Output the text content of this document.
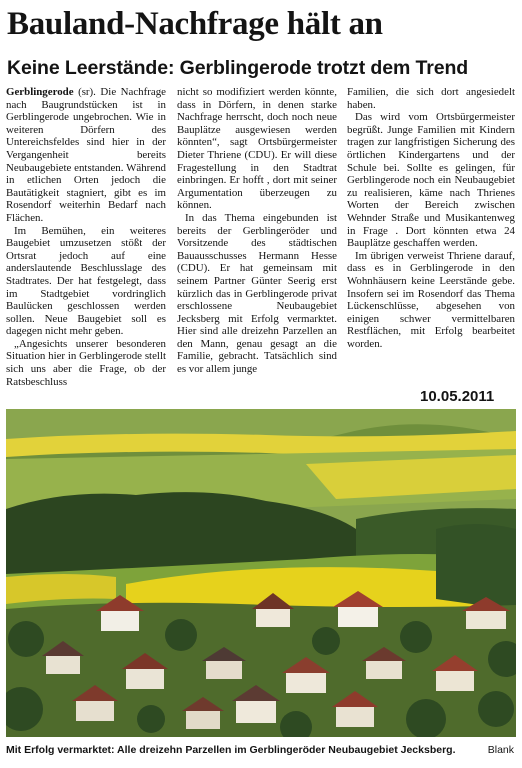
Bauland-Nachfrage hält an
Keine Leerstände: Gerblingerode trotzt dem Trend

Gerblingerode (sr). Die Nachfrage nach Baugrundstücken ist in Gerblingerode ungebrochen. Wie in weiteren Dörfern des Untereichsfeldes sind hier in der Vergangenheit bereits Neubaugebiete entstanden. Während in etlichen Orten jedoch die Bautätigkeit stagniert, gibt es im Rosendorf weiterhin Bedarf nach Flächen.

Im Bemühen, ein weiteres Baugebiet umzusetzen stößt der Ortsrat jedoch auf eine anderslautende Beschlusslage des Stadtrates. Der hat festgelegt, dass im Stadtgebiet vordringlich Baulücken geschlossen werden sollen. Neue Baugebiet soll es dagegen nicht mehr geben.

„Angesichts unserer besonderen Situation hier in Gerblingerode stellt sich uns aber die Frage, ob der Ratsbeschluss

nicht so modifiziert werden könnte, dass in Dörfern, in denen starke Nachfrage herrscht, doch noch neue Bauplätze ausgewiesen werden könnten“, sagt Ortsbürgermeister Dieter Thriene (CDU). Er will diese Fragestellung in den Stadtrat einbringen. Er hofft , dort mit seiner Argumentation überzeugen zu können.

In das Thema eingebunden ist bereits der Gerblingeröder und Vorsitzende des städtischen Bauausschusses Hermann Hesse (CDU). Er hat gemeinsam mit seinem Partner Günter Seerig erst kürzlich das in Gerblingerode privat erschlossene Neubaugebiet Jecksberg mit Erfolg vermarktet. Hier sind alle dreizehn Parzellen an den Mann, genau gesagt an die Familie, gebracht. Tatsächlich sind es vor allem junge

Familien, die sich dort angesiedelt haben.

Das wird vom Ortsbürgermeister begrüßt. Junge Familien mit Kindern tragen zur langfristigen Sicherung des örtlichen Kindergartens und der Schule bei. Sollte es gelingen, für Gerblingerode noch ein Neubaugebiet zu realisieren, käme nach Thrienes Worten der Bereich zwischen Wehnder Straße und Musikantenweg in Frage . Dort könnten etwa 24 Bauplätze geschaffen werden.

Im übrigen verweist Thriene darauf, dass es in Gerblingerode in den Wohnhäusern keine Leerstände gebe. Insofern sei im Rosendorf das Thema Lückenschlüsse, abgesehen von einigen schwer vermittelbaren Restflächen, mit Erfolg bearbeitet worden.

10.05.2011
Mit Erfolg vermarktet: Alle dreizehn Parzellen im Gerblingeröder Neubaugebiet Jecksberg.	Blank
